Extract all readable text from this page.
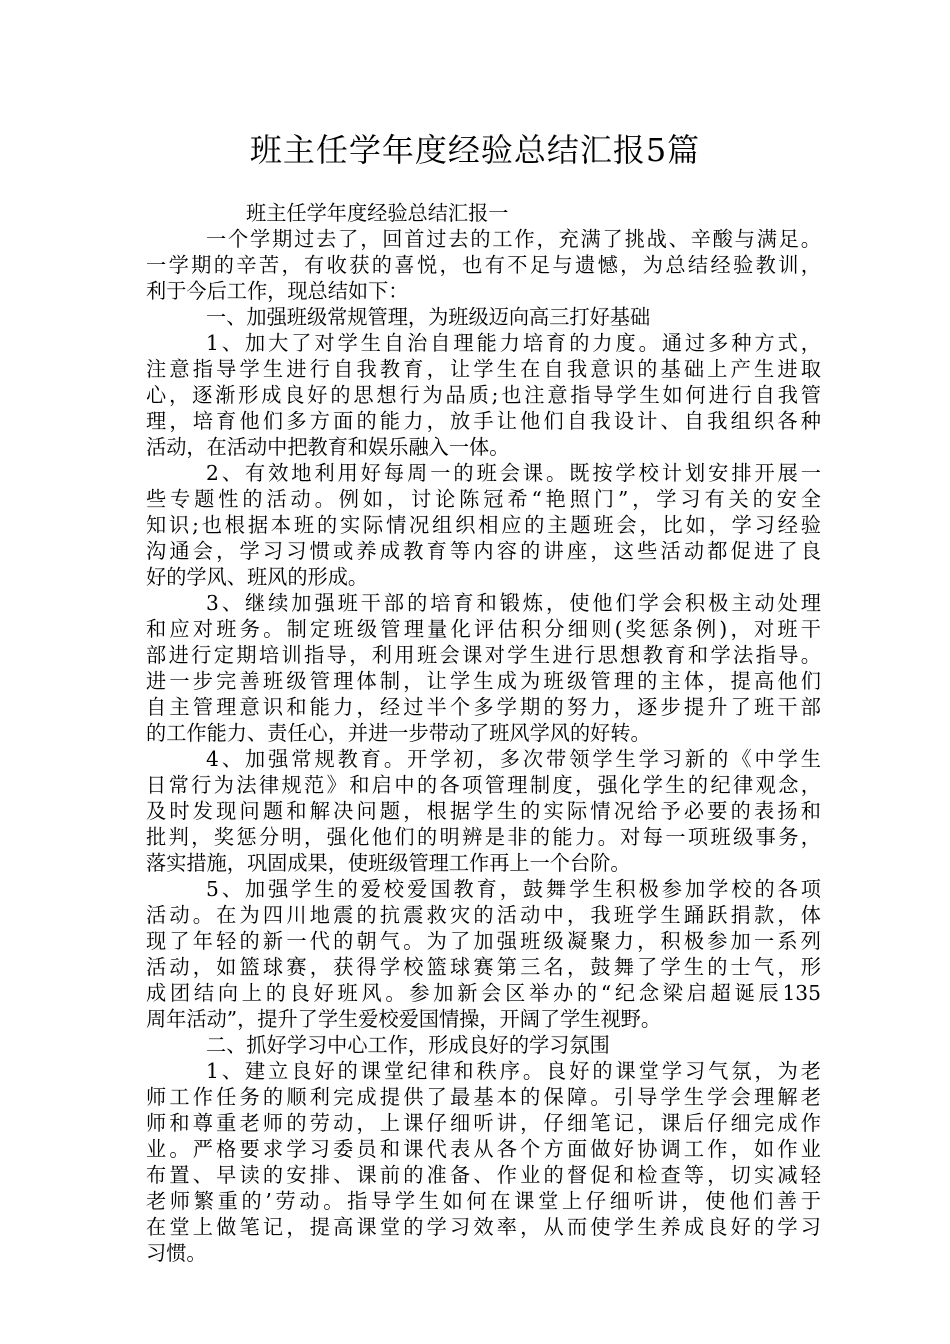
班主任学年度经验总结汇报5篇
班主任学年度经验总结汇报一
一个学期过去了，回首过去的工作，充满了挑战、辛酸与满足。
一学期的辛苦，有收获的喜悦，也有不足与遗憾，为总结经验教训，
利于今后工作，现总结如下：
一、加强班级常规管理，为班级迈向高三打好基础
1、加大了对学生自治自理能力培育的力度。通过多种方式，
注意指导学生进行自我教育，让学生在自我意识的基础上产生进取
心，逐渐形成良好的思想行为品质;也注意指导学生如何进行自我管
理，培育他们多方面的能力，放手让他们自我设计、自我组织各种
活动，在活动中把教育和娱乐融入一体。
2、有效地利用好每周一的班会课。既按学校计划安排开展一
些专题性的活动。例如，讨论陈冠希“艳照门”，学习有关的安全
知识;也根据本班的实际情况组织相应的主题班会，比如，学习经验
沟通会，学习习惯或养成教育等内容的讲座，这些活动都促进了良
好的学风、班风的形成。
3、继续加强班干部的培育和锻炼，使他们学会积极主动处理
和应对班务。制定班级管理量化评估积分细则(奖惩条例)，对班干
部进行定期培训指导，利用班会课对学生进行思想教育和学法指导。
进一步完善班级管理体制，让学生成为班级管理的主体，提高他们
自主管理意识和能力，经过半个多学期的努力，逐步提升了班干部
的工作能力、责任心，并进一步带动了班风学风的好转。
4、加强常规教育。开学初，多次带领学生学习新的《中学生
日常行为法律规范》和启中的各项管理制度，强化学生的纪律观念，
及时发现问题和解决问题，根据学生的实际情况给予必要的表扬和
批判，奖惩分明，强化他们的明辨是非的能力。对每一项班级事务，
落实措施，巩固成果，使班级管理工作再上一个台阶。
5、加强学生的爱校爱国教育，鼓舞学生积极参加学校的各项
活动。在为四川地震的抗震救灾的活动中，我班学生踊跃捐款，体
现了年轻的新一代的朝气。为了加强班级凝聚力，积极参加一系列
活动，如篮球赛，获得学校篮球赛第三名，鼓舞了学生的士气，形
成团结向上的良好班风。参加新会区举办的“纪念梁启超诞辰135
周年活动”，提升了学生爱校爱国情操，开阔了学生视野。
二、抓好学习中心工作，形成良好的学习氛围
1、建立良好的课堂纪律和秩序。良好的课堂学习气氛，为老
师工作任务的顺利完成提供了最基本的保障。引导学生学会理解老
师和尊重老师的劳动，上课仔细听讲，仔细笔记，课后仔细完成作
业。严格要求学习委员和课代表从各个方面做好协调工作，如作业
布置、早读的安排、课前的准备、作业的督促和检查等，切实减轻
老师繁重的’劳动。指导学生如何在课堂上仔细听讲，使他们善于
在堂上做笔记，提高课堂的学习效率，从而使学生养成良好的学习
习惯。
